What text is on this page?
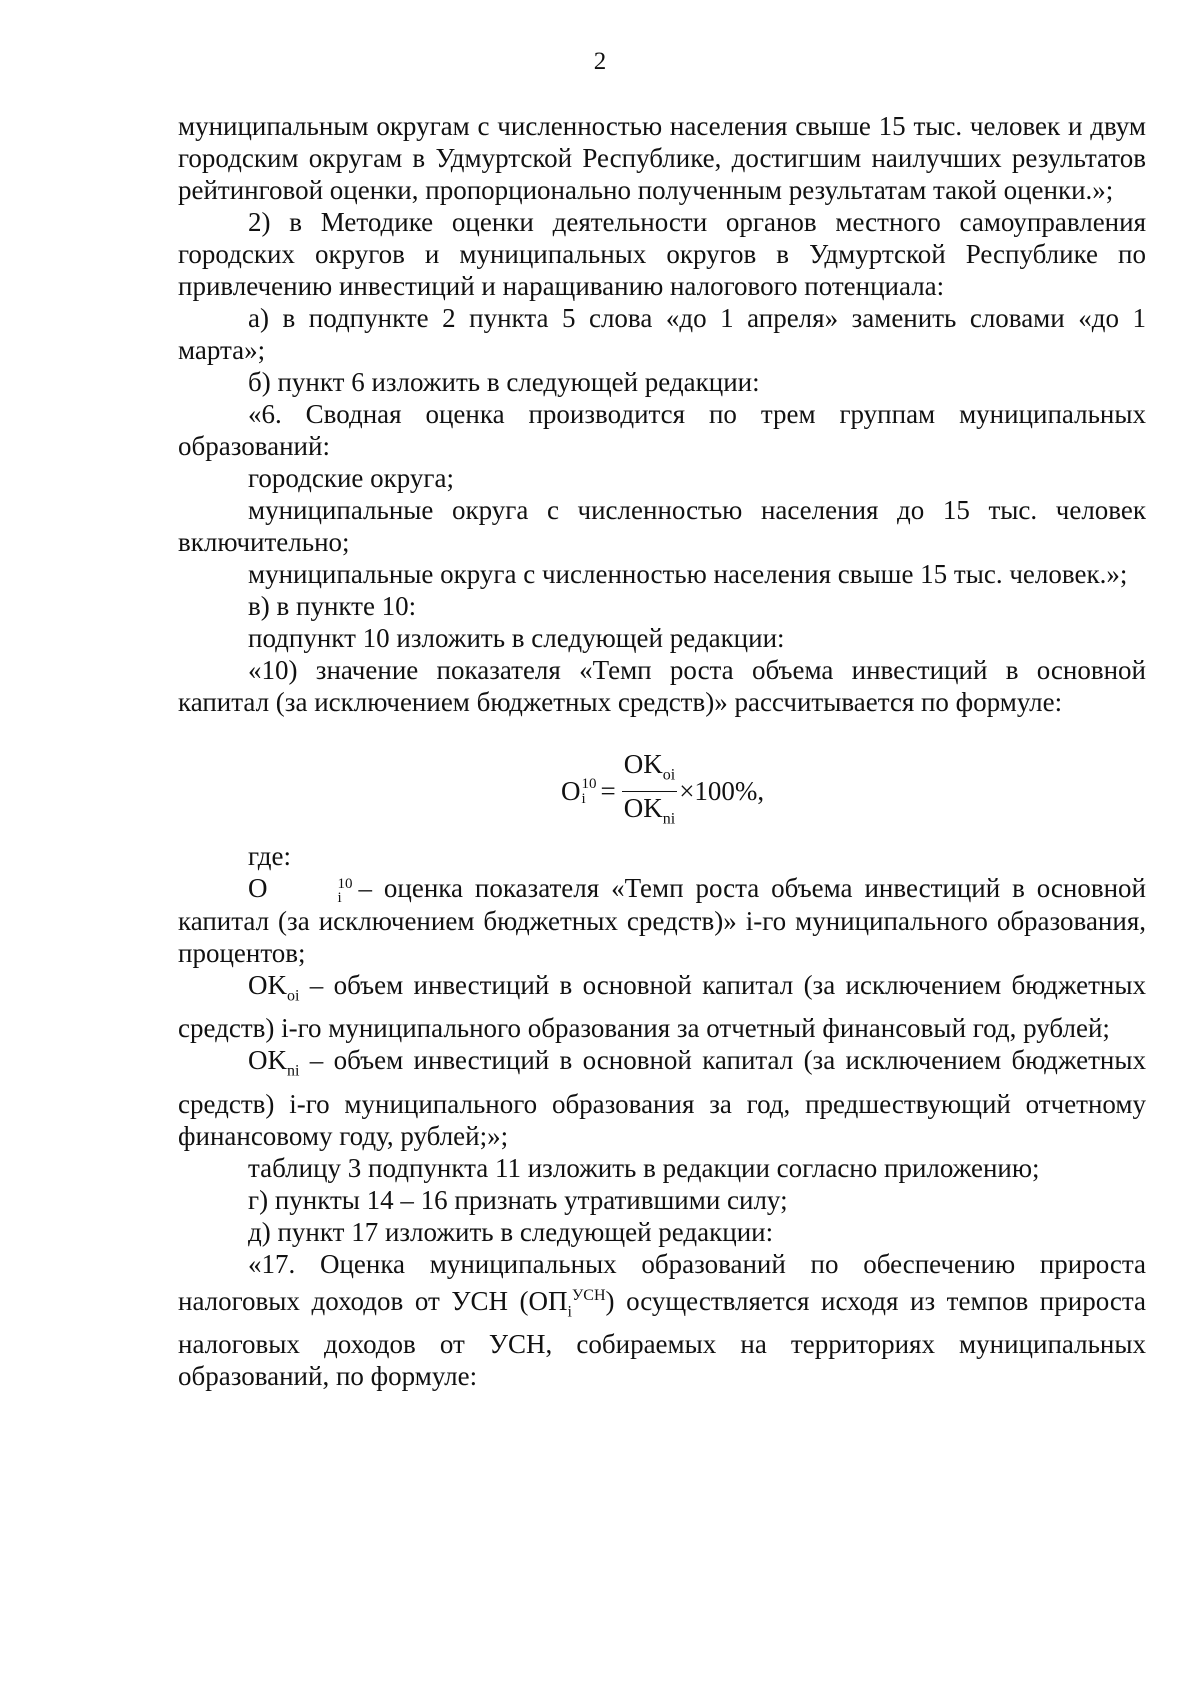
2

муниципальным округам с численностью населения свыше 15 тыс. человек и двум городским округам в Удмуртской Республике, достигшим наилучших результатов рейтинговой оценки, пропорционально полученным результатам такой оценки.»;

2) в Методике оценки деятельности органов местного самоуправления городских округов и муниципальных округов в Удмуртской Республике по привлечению инвестиций и наращиванию налогового потенциала:

а) в подпункте 2 пункта 5 слова «до 1 апреля» заменить словами «до 1 марта»;

б) пункт 6 изложить в следующей редакции:

«6. Сводная оценка производится по трем группам муниципальных образований:

городские округа;

муниципальные округа с численностью населения до 15 тыс. человек включительно;

муниципальные округа с численностью населения свыше 15 тыс. человек.»;

в) в пункте 10:

подпункт 10 изложить в следующей редакции:

«10) значение показателя «Темп роста объема инвестиций в основной капитал (за исключением бюджетных средств)» рассчитывается по формуле:

O 10
$i = \frac{OK_{oi}}{OK_{ni}} \times 100\%$,

где:

O	10
i – оценка показателя «Темп роста объема инвестиций в основной капитал (за исключением бюджетных средств)» i-го муниципального образования, процентов;

$OK_{oi}$ – объем инвестиций в основной капитал (за исключением бюджетных средств) i-го муниципального образования за отчетный финансовый год, рублей;

$OK_{ni}$ – объем инвестиций в основной капитал (за исключением бюджетных средств) i-го муниципального образования за год, предшествующий отчетному финансовому году, рублей;»;

таблицу 3 подпункта 11 изложить в редакции согласно приложению;

г) пункты 14 – 16 признать утратившими силу;

д) пункт 17 изложить в следующей редакции:

«17. Оценка муниципальных образований по обеспечению прироста налоговых доходов от УСН $(ОП_i^{УСН})$ осуществляется исходя из темпов прироста налоговых доходов от УСН, собираемых на территориях муниципальных образований, по формуле:
